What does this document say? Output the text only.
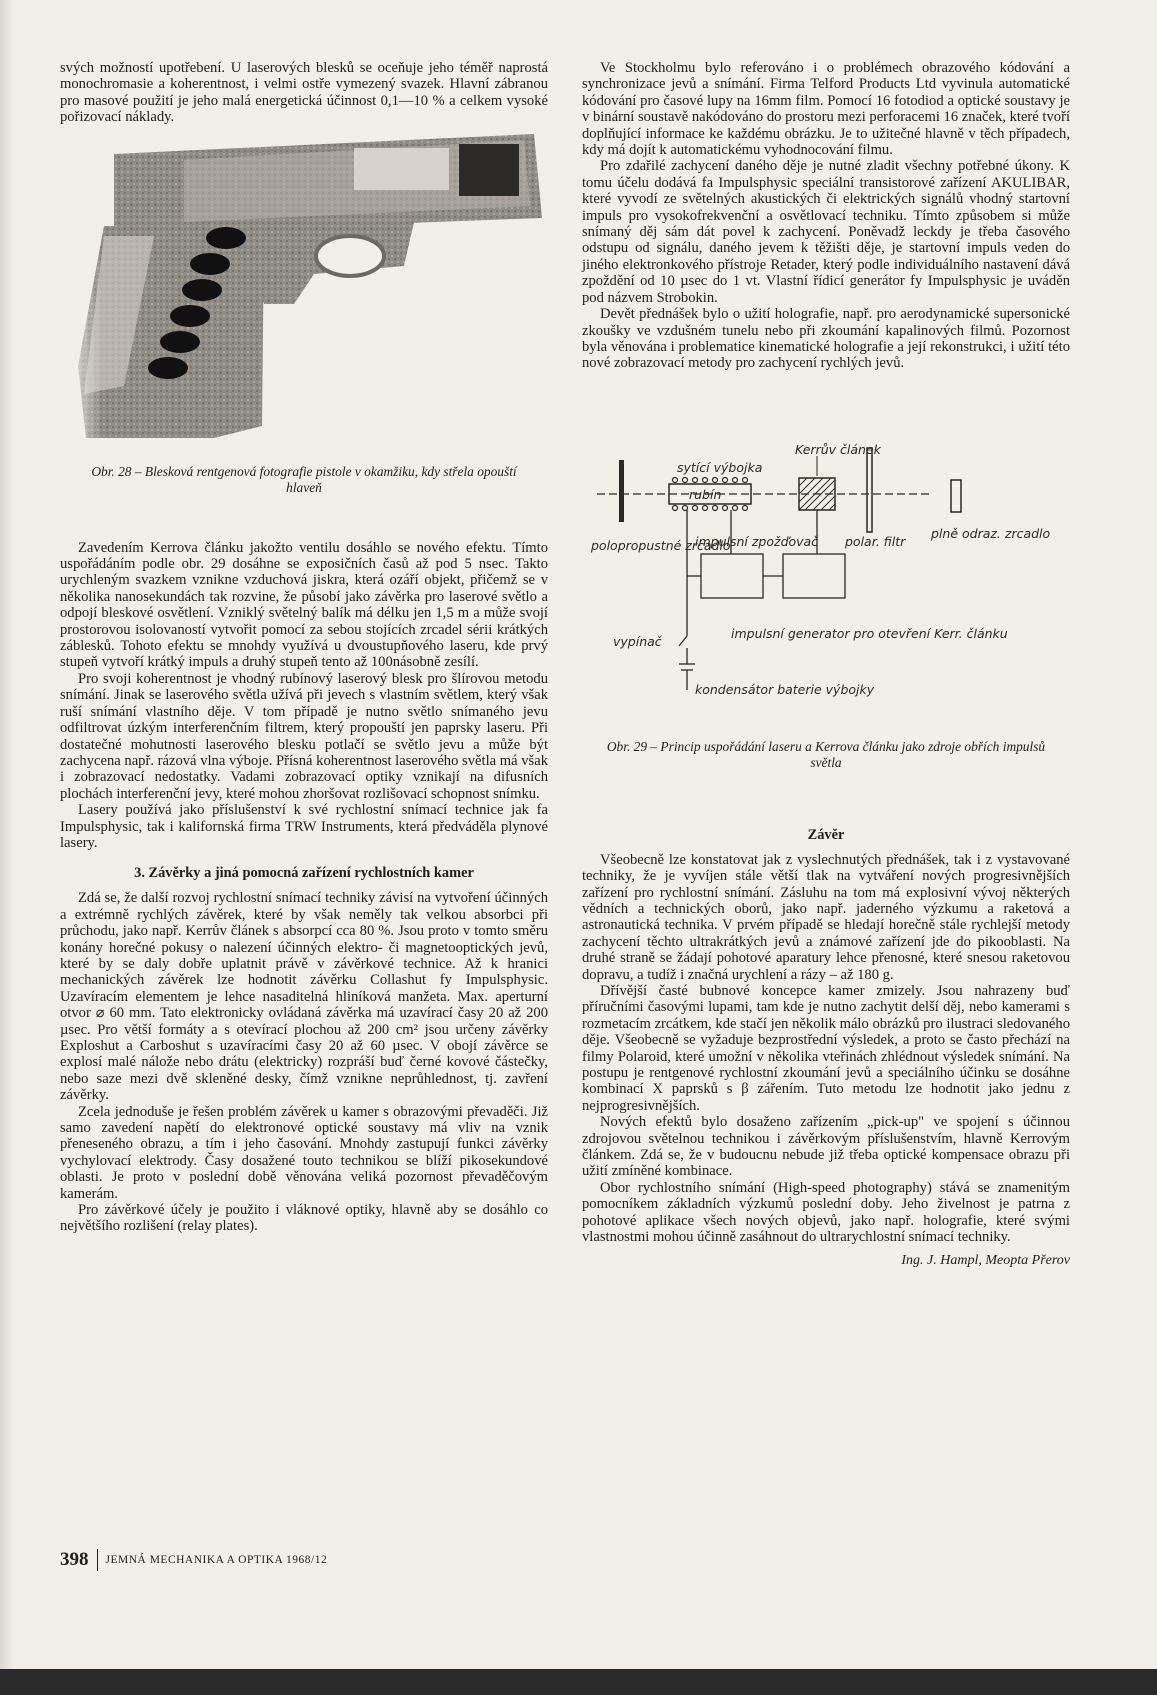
svých možností upotřebení. U laserových blesků se oceňuje jeho téměř naprostá monochromasie a koherentnost, i velmi ostře vymezený svazek. Hlavní zábranou pro masové použití je jeho malá energetická účinnost 0,1—10 % a celkem vysoké pořizovací náklady.

Obr. 28 – Blesková rentgenová fotografie pistole v okamžiku, kdy střela opouští hlaveň

Zavedením Kerrova článku jakožto ventilu dosáhlo se nového efektu. Tímto uspořádáním podle obr. 29 dosáhne se exposičních časů až pod 5 nsec. Takto urychleným svazkem vznikne vzduchová jiskra, která ozáří objekt, přičemž se v několika nanosekundách tak rozvine, že působí jako závěrka pro laserové světlo a odpojí bleskové osvětlení. Vzniklý světelný balík má délku jen 1,5 m a může svojí prostorovou isolovaností vytvořit pomocí za sebou stojících zrcadel sérii krátkých záblesků. Tohoto efektu se mnohdy využívá u dvoustupňového laseru, kde prvý stupeň vytvoří krátký impuls a druhý stupeň tento až 100násobně zesílí.

Pro svoji koherentnost je vhodný rubínový laserový blesk pro šlírovou metodu snímání. Jinak se laserového světla užívá při jevech s vlastním světlem, který však ruší snímání vlastního děje. V tom případě je nutno světlo snímaného jevu odfiltrovat úzkým interferenčním filtrem, který propouští jen paprsky laseru. Při dostatečné mohutnosti laserového blesku potlačí se světlo jevu a může být zachycena např. rázová vlna výboje. Přísná koherentnost laserového světla má však i zobrazovací nedostatky. Vadami zobrazovací optiky vznikají na difusních plochách interferenční jevy, které mohou zhoršovat rozlišovací schopnost snímku.

Lasery používá jako příslušenství k své rychlostní snímací technice jak fa Impulsphysic, tak i kalifornská firma TRW Instruments, která předváděla plynové lasery.

3. Závěrky a jiná pomocná zařízení rychlostních kamer

Zdá se, že další rozvoj rychlostní snímací techniky závisí na vytvoření účinných a extrémně rychlých závěrek, které by však nemělу tak velkou absorbci při průchodu, jako např. Kerrův článek s absorpcí cca 80 %. Jsou proto v tomto směru konány horečné pokusy o nalezení účinných elektro- či magnetooptických jevů, které by se daly dobře uplatnit právě v závěrkové technice. Až k hranici mechanických závěrek lze hodnotit závěrku Collashut fy Impulsphysic. Uzavíracím elementem je lehce nasaditelná hliníková manžeta. Max. aperturní otvor ⌀ 60 mm. Tato elektronicky ovládaná závěrka má uzavírací časy 20 až 200 µsec. Pro větší formáty a s otevírací plochou až 200 cm² jsou určeny závěrky Exploshut a Carboshut s uzavíracími časy 20 až 60 µsec. V obojí závěrce se explosí malé nálože nebo drátu (elektricky) rozpráší buď černé kovové částečky, nebo saze mezi dvě skleněné desky, čímž vznikne neprůhlednost, tj. zavření závěrky.

Zcela jednoduše je řešen problém závěrek u kamer s obrazovými převaděči. Již samo zavedení napětí do elektronové optické soustavy má vliv na vznik přeneseného obrazu, a tím i jeho časování. Mnohdy zastupují funkci závěrky vychylovací elektrody. Časy dosažené touto technikou se blíží pikosekundové oblasti. Je proto v poslední době věnována veliká pozornost převaděčovým kamerám.

Pro závěrkové účely je použito i vláknové optiky, hlavně aby se dosáhlo co největšího rozlišení (relay plates).

Ve Stockholmu bylo referováno i o problémech obrazového kódování a synchronizace jevů a snímání. Firma Telford Products Ltd vyvinula automatické kódování pro časové lupy na 16mm film. Pomocí 16 fotodiod a optické soustavy je v binární soustavě nakódováno do prostoru mezi perforacemi 16 značek, které tvoří doplňující informace ke každému obrázku. Je to užitečné hlavně v těch případech, kdy má dojít k automatickému vyhodnocování filmu.

Pro zdařilé zachycení daného děje je nutné zladit všechny potřebné úkony. K tomu účelu dodává fa Impulsphysic speciální transistorové zařízení AKULIBAR, které vyvodí ze světelných akustických či elektrických signálů vhodný startovní impuls pro vysokofrekvenční a osvětlovací techniku. Tímto způsobem si může snímaný děj sám dát povel k zachycení. Poněvadž leckdy je třeba časového odstupu od signálu, daného jevem k těžišti děje, je startovní impuls veden do jiného elektronkového přístroje Retader, který podle individuálního nastavení dává zpoždění od 10 µsec do 1 vt. Vlastní řídicí generátor fy Impulsphysic je uváděn pod názvem Strobokin.

Devět přednášek bylo o užití holografie, např. pro aerodynamické supersonické zkoušky ve vzdušném tunelu nebo při zkoumání kapalinových filmů. Pozornost byla věnována i problematice kinematické holografie a její rekonstrukci, i užití této nové zobrazovací metody pro zachycení rychlých jevů.

Kerrův článek
sytící výbojka
rubín
plně odraz. zrcadlo
polar. filtr
polopropustné zrcadlo
impulsní zpožďovač
vypínač
impulsní generator pro otevření Kerr. článku
kondensátor baterie výbojky

Obr. 29 – Princip uspořádání laseru a Kerrova článku jako zdroje obřích impulsů světla

Závěr

Všeobecně lze konstatovat jak z vyslechnutých přednášek, tak i z vystavované techniky, že je vyvíjen stále větší tlak na vytváření nových progresivnějších zařízení pro rychlostní snímání. Zásluhu na tom má explosivní vývoj některých vědních a technických oborů, jako např. jaderného výzkumu a raketová a astronautická technika. V prvém případě se hledají horečně stále rychlejší metody zachycení těchto ultrakrátkých jevů a známové zařízení jde do pikooblasti. Na druhé straně se žádají pohotové aparatury lehce přenosné, které snesou raketovou dopravu, a tudíž i značná urychlení a rázy – až 180 g.

Dřívější časté bubnové koncepce kamer zmizely. Jsou nahrazeny buď příručními časovými lupami, tam kde je nutno zachytit delší děj, nebo kamerami s rozmetacím zrcátkem, kde stačí jen několik málo obrázků pro ilustraci sledovaného děje. Všeobecně se vyžaduje bezprostřední výsledek, a proto se často přechází na filmy Polaroid, které umožní v několika vteřinách zhlédnout výsledek snímání. Na postupu je rentgenové rychlostní zkoumání jevů a speciálního účinku se dosáhne kombinací X paprsků s β zářením. Tuto metodu lze hodnotit jako jednu z nejprogresivnějších.

Nových efektů bylo dosaženo zařízením „pick-up" ve spojení s účinnou zdrojovou světelnou technikou i závěrkovým příslušenstvím, hlavně Kerrovým článkem. Zdá se, že v budoucnu nebude již třeba optické kompensace obrazu při užití zmíněné kombinace.

Obor rychlostního snímání (High-speed photography) stává se znamenitým pomocníkem základních výzkumů poslední doby. Jeho živelnost je patrna z pohotové aplikace všech nových objevů, jako např. holografie, které svými vlastnostmi mohou účinně zasáhnout do ultrarychlostní snímací techniky.

Ing. J. Hampl, Meopta Přerov
398 JEMNÁ MECHANIKA A OPTIKA 1968/12
